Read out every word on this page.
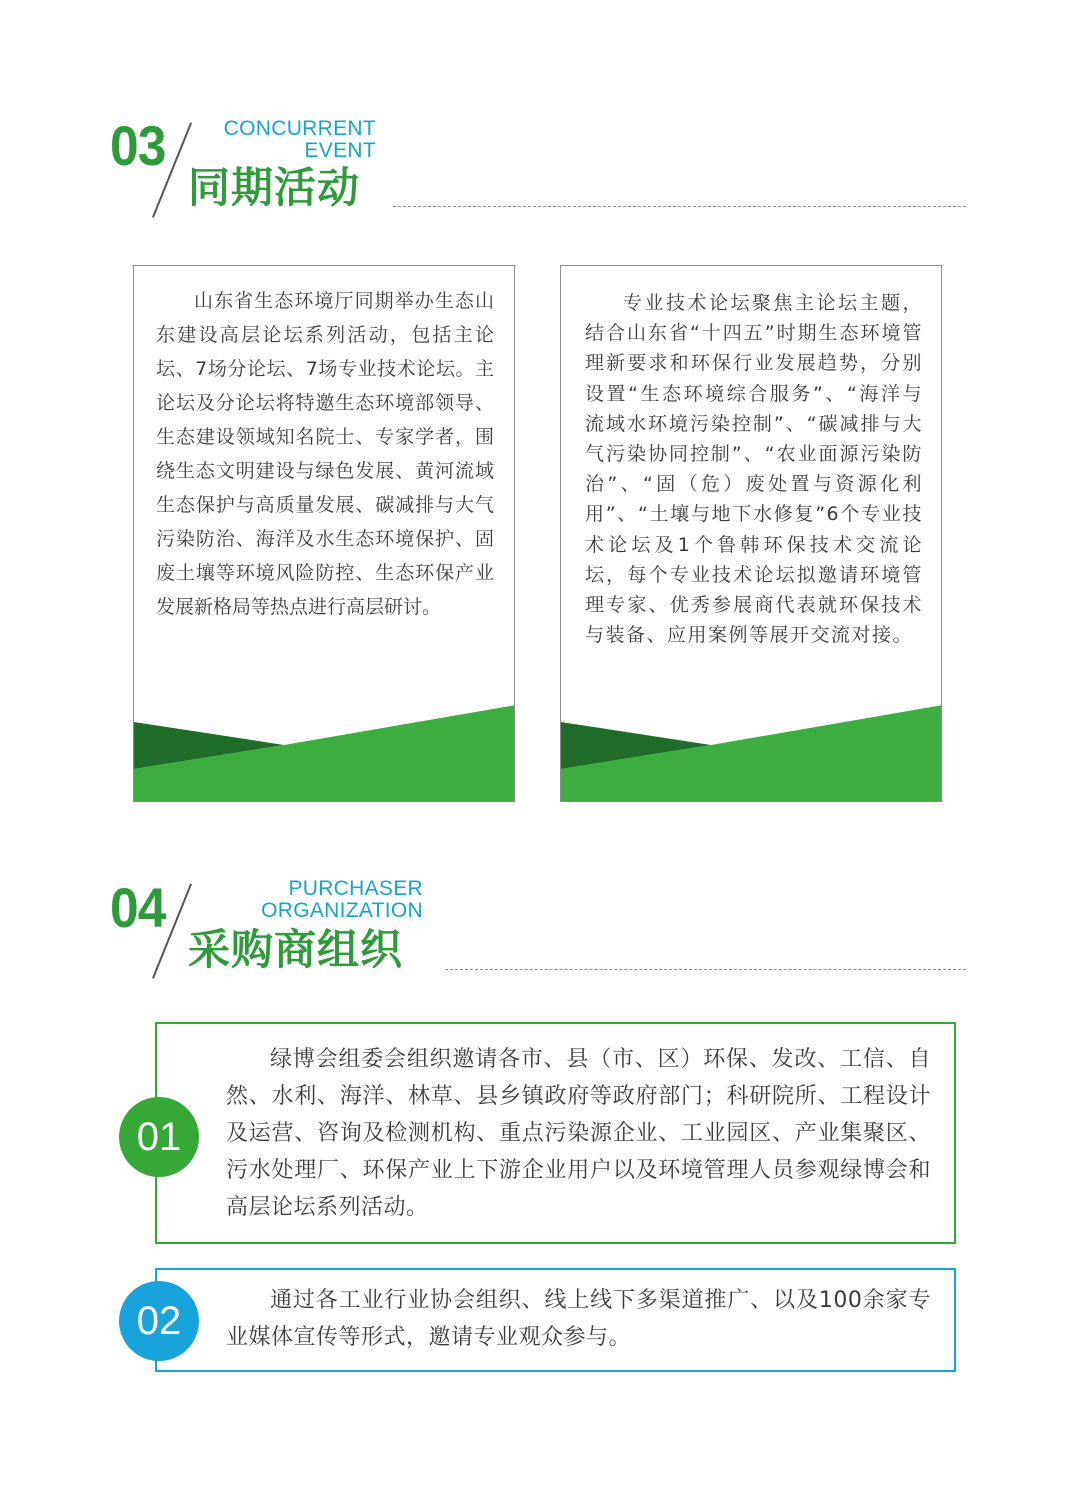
03	CONCURRENT
EVENT
同期活动
山东省生态环境厅同期举办生态山东建设高层论坛系列活动，包括主论坛、7场分论坛、7场专业技术论坛。主论坛及分论坛将特邀生态环境部领导、生态建设领域知名院士、专家学者，围绕生态文明建设与绿色发展、黄河流域生态保护与高质量发展、碳减排与大气污染防治、海洋及水生态环境保护、固废土壤等环境风险防控、生态环保产业发展新格局等热点进行高层研讨。
专业技术论坛聚焦主论坛主题，结合山东省“十四五”时期生态环境管理新要求和环保行业发展趋势，分别设置“生态环境综合服务”、“海洋与流域水环境污染控制”、“碳减排与大气污染协同控制”、“农业面源污染防治”、“固（危）废处置与资源化利用”、“土壤与地下水修复”6个专业技术论坛及1个鲁韩环保技术交流论坛，每个专业技术论坛拟邀请环境管理专家、优秀参展商代表就环保技术与装备、应用案例等展开交流对接。
04	PURCHASER
ORGANIZATION
采购商组织
01
绿博会组委会组织邀请各市、县（市、区）环保、发改、工信、自然、水利、海洋、林草、县乡镇政府等政府部门；科研院所、工程设计及运营、咨询及检测机构、重点污染源企业、工业园区、产业集聚区、污水处理厂、环保产业上下游企业用户以及环境管理人员参观绿博会和高层论坛系列活动。
02	通过各工业行业协会组织、线上线下多渠道推广、以及100余家专业媒体宣传等形式，邀请专业观众参与。
